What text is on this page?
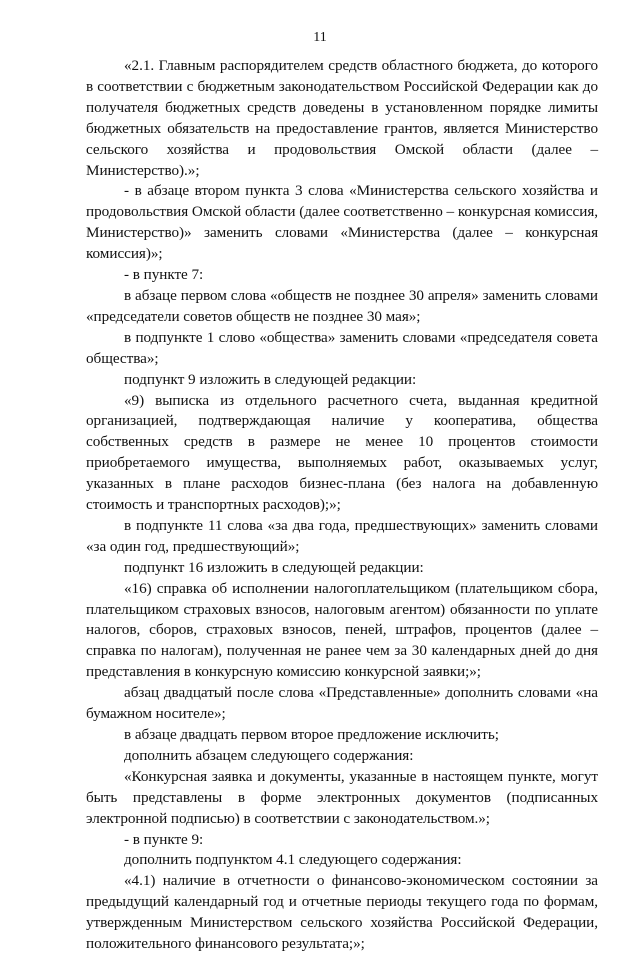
11

«2.1. Главным распорядителем средств областного бюджета, до которого в соответствии с бюджетным законодательством Российской Федерации как до получателя бюджетных средств доведены в установленном порядке лимиты бюджетных обязательств на предоставление грантов, является Министерство сельского хозяйства и продовольствия Омской области (далее – Министерство).»;

- в абзаце втором пункта 3 слова «Министерства сельского хозяйства и продовольствия Омской области (далее соответственно – конкурсная комиссия, Министерство)» заменить словами «Министерства (далее – конкурсная комиссия)»;

- в пункте 7:

в абзаце первом слова «обществ не позднее 30 апреля» заменить словами «председатели советов обществ не позднее 30 мая»;

в подпункте 1 слово «общества» заменить словами «председателя совета общества»;

подпункт 9 изложить в следующей редакции:

«9) выписка из отдельного расчетного счета, выданная кредитной организацией, подтверждающая наличие у кооператива, общества собственных средств в размере не менее 10 процентов стоимости приобретаемого имущества, выполняемых работ, оказываемых услуг, указанных в плане расходов бизнес-плана (без налога на добавленную стоимость и транспортных расходов);»;

в подпункте 11 слова «за два года, предшествующих» заменить словами «за один год, предшествующий»;

подпункт 16 изложить в следующей редакции:

«16) справка об исполнении налогоплательщиком (плательщиком сбора, плательщиком страховых взносов, налоговым агентом) обязанности по уплате налогов, сборов, страховых взносов, пеней, штрафов, процентов (далее – справка по налогам), полученная не ранее чем за 30 календарных дней до дня представления в конкурсную комиссию конкурсной заявки;»;

абзац двадцатый после слова «Представленные» дополнить словами «на бумажном носителе»;

в абзаце двадцать первом второе предложение исключить;

дополнить абзацем следующего содержания:

«Конкурсная заявка и документы, указанные в настоящем пункте, могут быть представлены в форме электронных документов (подписанных электронной подписью) в соответствии с законодательством.»;

- в пункте 9:

дополнить подпунктом 4.1 следующего содержания:

«4.1) наличие в отчетности о финансово-экономическом состоянии за предыдущий календарный год и отчетные периоды текущего года по формам, утвержденным Министерством сельского хозяйства Российской Федерации, положительного финансового результата;»;
